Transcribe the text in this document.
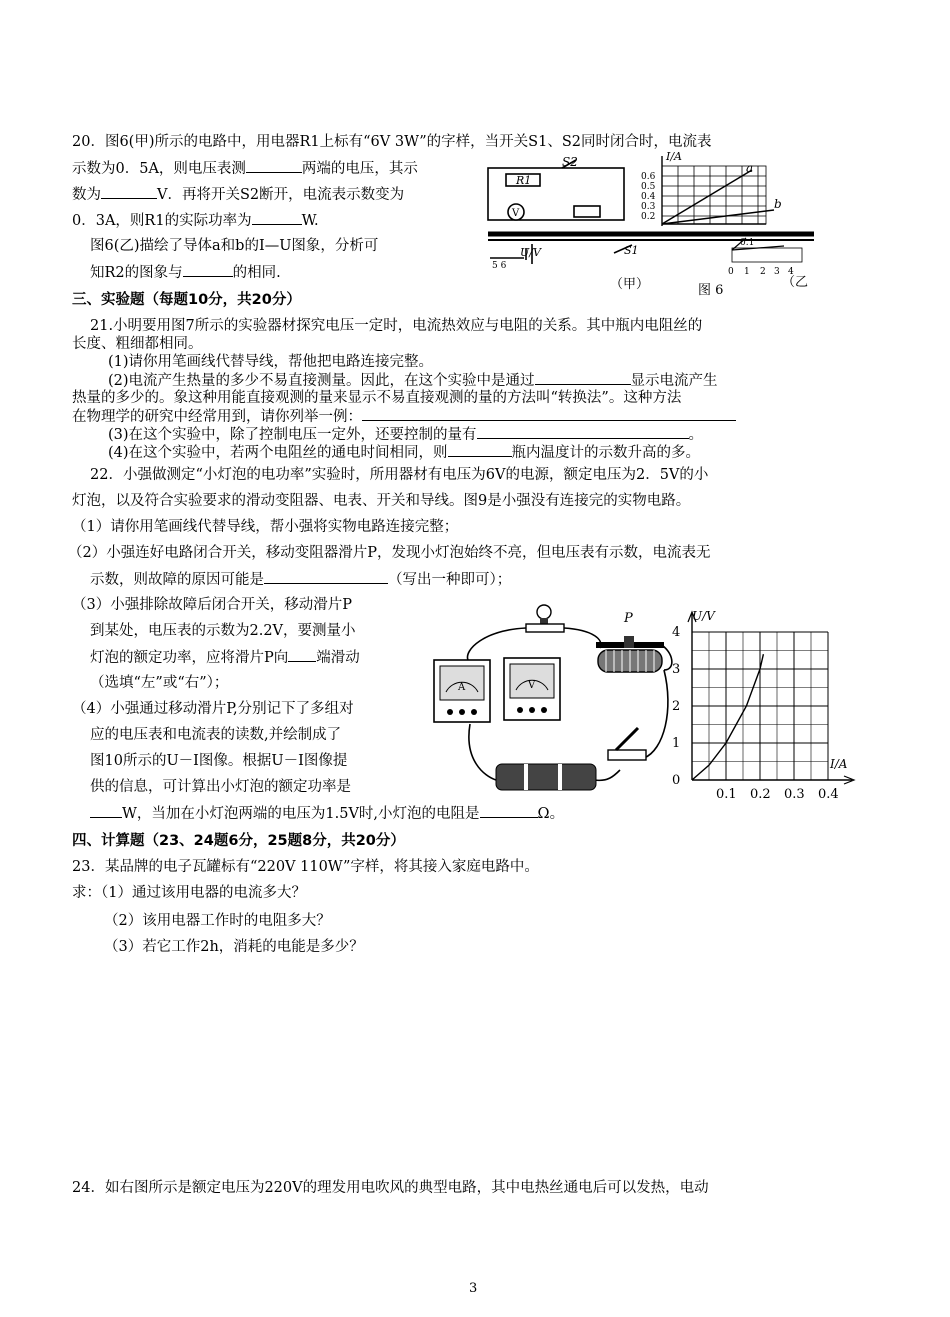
20．图6(甲)所示的电路中，用电器R1上标有“6V 3W”的字样，当开关S1、S2同时闭合时，电流表
示数为0．5A，则电压表测	两端的电压，其示
数为	V．再将开关S2断开，电流表示数变为
0．3A，则R1的实际功率为	W.
图6(乙)描绘了导体a和b的I—U图象，分析可
知R2的图象与	的相同.
S2
R1
V
S1
U/V
5 6
（甲）
I/A
0.6
0.5
0.4
0.3
0.2
0.1
a
b
0 1 2 3 4
图 6
（乙
三、实验题（每题10分，共20分）
21.小明要用图7所示的实验器材探究电压一定时，电流热效应与电阻的关系。其中瓶内电阻丝的
长度、粗细都相同。
(1)请你用笔画线代替导线，帮他把电路连接完整。
(2)电流产生热量的多少不易直接测量。因此，在这个实验中是通过	显示电流产生
热量的多少的。象这种用能直接观测的量来显示不易直接观测的量的方法叫“转换法”。这种方法
在物理学的研究中经常用到，请你列举一例：
(3)在这个实验中，除了控制电压一定外，还要控制的量有	。
(4)在这个实验中，若两个电阻丝的通电时间相同，则	瓶内温度计的示数升高的多。
22．小强做测定“小灯泡的电功率”实验时，所用器材有电压为6V的电源，额定电压为2．5V的小
灯泡，以及符合实验要求的滑动变阻器、电表、开关和导线。图9是小强没有连接完的实物电路。
（1）请你用笔画线代替导线，帮小强将实物电路连接完整；
（2）小强连好电路闭合开关，移动变阻器滑片P，发现小灯泡始终不亮，但电压表有示数，电流表无
示数，则故障的原因可能是	（写出一种即可）；
（3）小强排除故障后闭合开关，移动滑片P
到某处，电压表的示数为2.2V，要测量小
灯泡的额定功率，应将滑片P向 端滑动
（选填“左”或“右”）；
（4）小强通过移动滑片P,分别记下了多组对
应的电压表和电流表的读数,并绘制成了
图10所示的U－I图像。根据U－I图像提
供的信息，可计算出小灯泡的额定功率是
W，当加在小灯泡两端的电压为1.5V时,小灯泡的电阻是	Ω。
A	V
P
0
1
2
3
4
0.1 0.2 0.3 0.4
U/V
I/A
四、计算题（23、24题6分，25题8分，共20分）
23．某品牌的电子瓦罐标有“220V 110W”字样，将其接入家庭电路中。
求：（1）通过该用电器的电流多大？
（2）该用电器工作时的电阻多大？
（3）若它工作2h，消耗的电能是多少？
24．如右图所示是额定电压为220V的理发用电吹风的典型电路，其中电热丝通电后可以发热，电动
3
